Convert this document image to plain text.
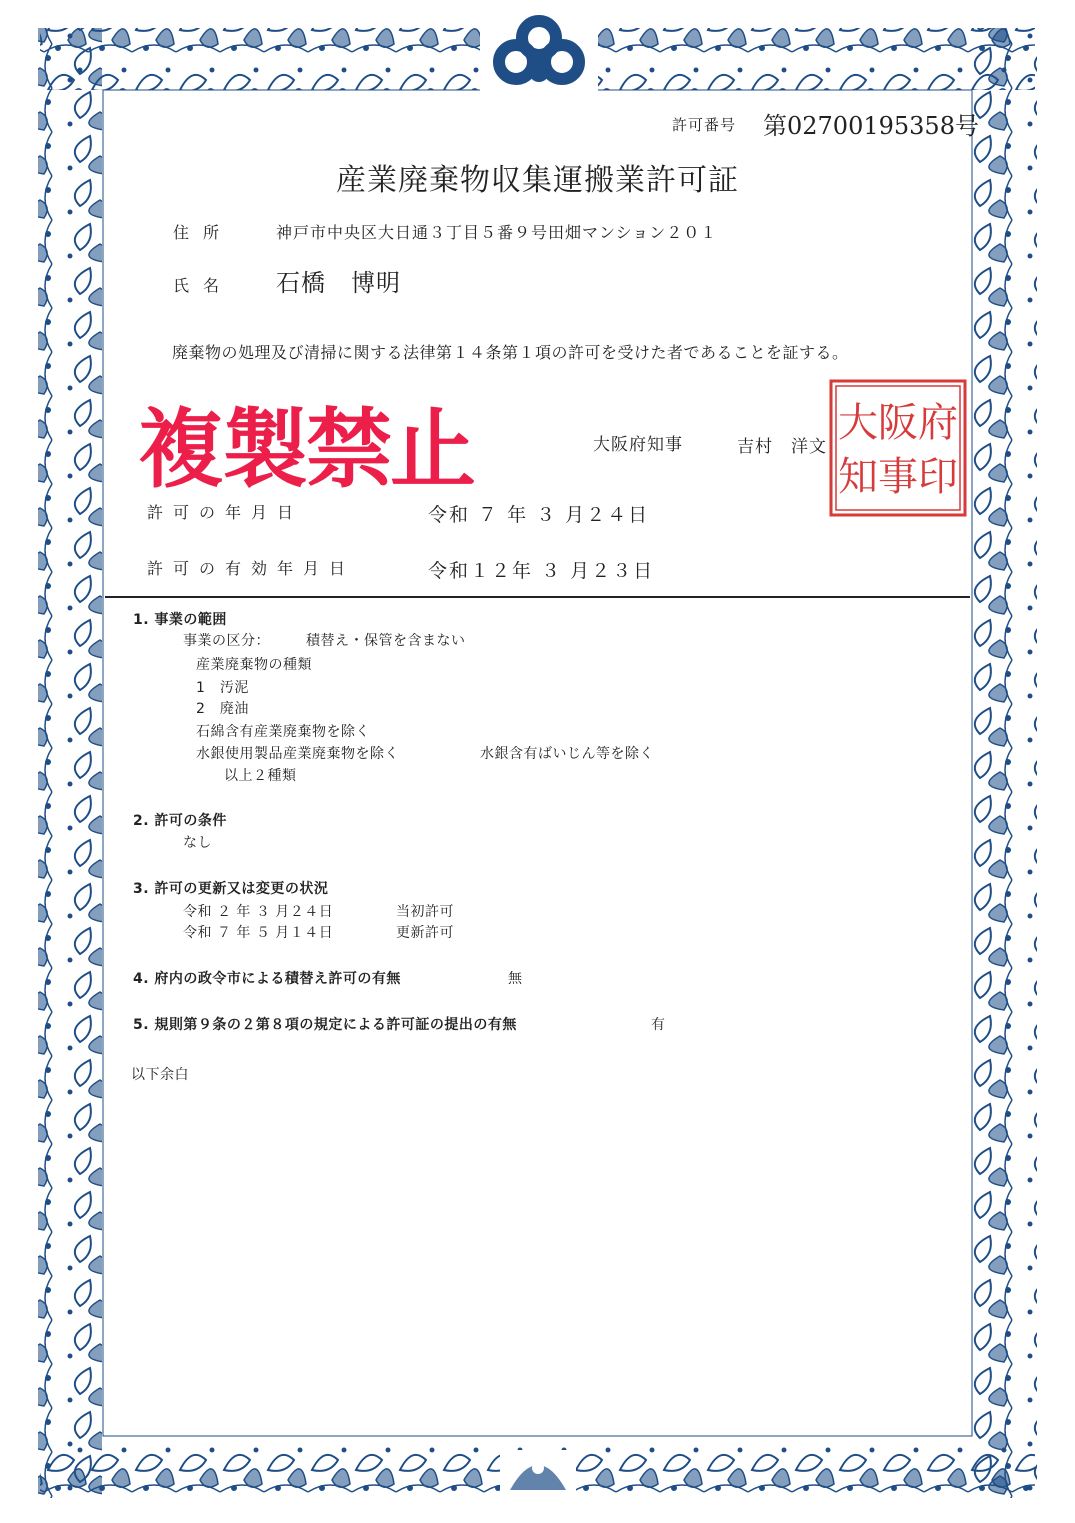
許可番号 第02700195358号
産業廃棄物収集運搬業許可証
住所	神戸市中央区大日通３丁目５番９号田畑マンション２０１
氏名 石橋　博明
廃棄物の処理及び清掃に関する法律第１４条第１項の許可を受けた者であることを証する。
複製禁止	大阪府知事	吉村　洋文
府
阪
大
印
事
知
許可の年月日	令和 ７ 年 ３ 月２４日
許可の有効年月日	令和１２年 ３ 月２３日
1. 事業の範囲
事業の区分：	積替え・保管を含まない
産業廃棄物の種類
1　汚泥
2　廃油
石綿含有産業廃棄物を除く
水銀使用製品産業廃棄物を除く	水銀含有ばいじん等を除く
以上２種類
2. 許可の条件
なし
3. 許可の更新又は変更の状況
令和 ２ 年 ３ 月２４日	当初許可
令和 ７ 年 ５ 月１４日	更新許可
4. 府内の政令市による積替え許可の有無	無
5. 規則第９条の２第８項の規定による許可証の提出の有無	有
以下余白
